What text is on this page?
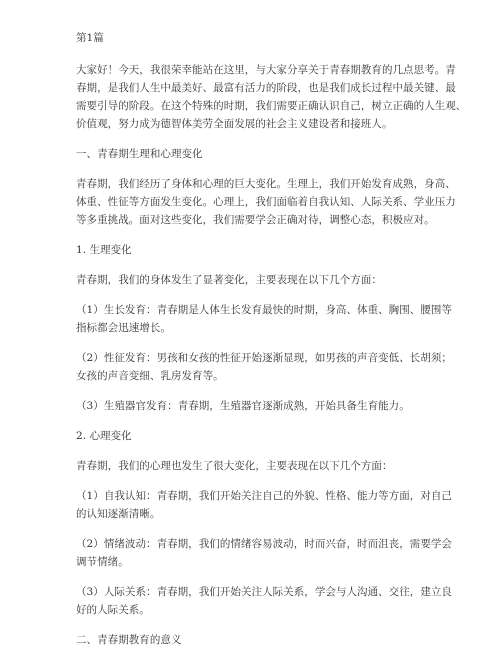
第1篇

大家好！今天，我很荣幸能站在这里，与大家分享关于青春期教育的几点思考。青
春期，是我们人生中最美好、最富有活力的阶段，也是我们成长过程中最关键、最
需要引导的阶段。在这个特殊的时期，我们需要正确认识自己，树立正确的人生观、
价值观，努力成为德智体美劳全面发展的社会主义建设者和接班人。

一、青春期生理和心理变化

青春期，我们经历了身体和心理的巨大变化。生理上，我们开始发育成熟，身高、
体重、性征等方面发生变化。心理上，我们面临着自我认知、人际关系、学业压力
等多重挑战。面对这些变化，我们需要学会正确对待，调整心态，积极应对。

1. 生理变化

青春期，我们的身体发生了显著变化，主要表现在以下几个方面：

（1）生长发育：青春期是人体生长发育最快的时期，身高、体重、胸围、腰围等
指标都会迅速增长。

（2）性征发育：男孩和女孩的性征开始逐渐显现，如男孩的声音变低、长胡须；
女孩的声音变细、乳房发育等。

（3）生殖器官发育：青春期，生殖器官逐渐成熟，开始具备生育能力。

2. 心理变化

青春期，我们的心理也发生了很大变化，主要表现在以下几个方面：

（1）自我认知：青春期，我们开始关注自己的外貌、性格、能力等方面，对自己
的认知逐渐清晰。

（2）情绪波动：青春期，我们的情绪容易波动，时而兴奋，时而沮丧，需要学会
调节情绪。

（3）人际关系：青春期，我们开始关注人际关系，学会与人沟通、交往，建立良
好的人际关系。

二、青春期教育的意义
